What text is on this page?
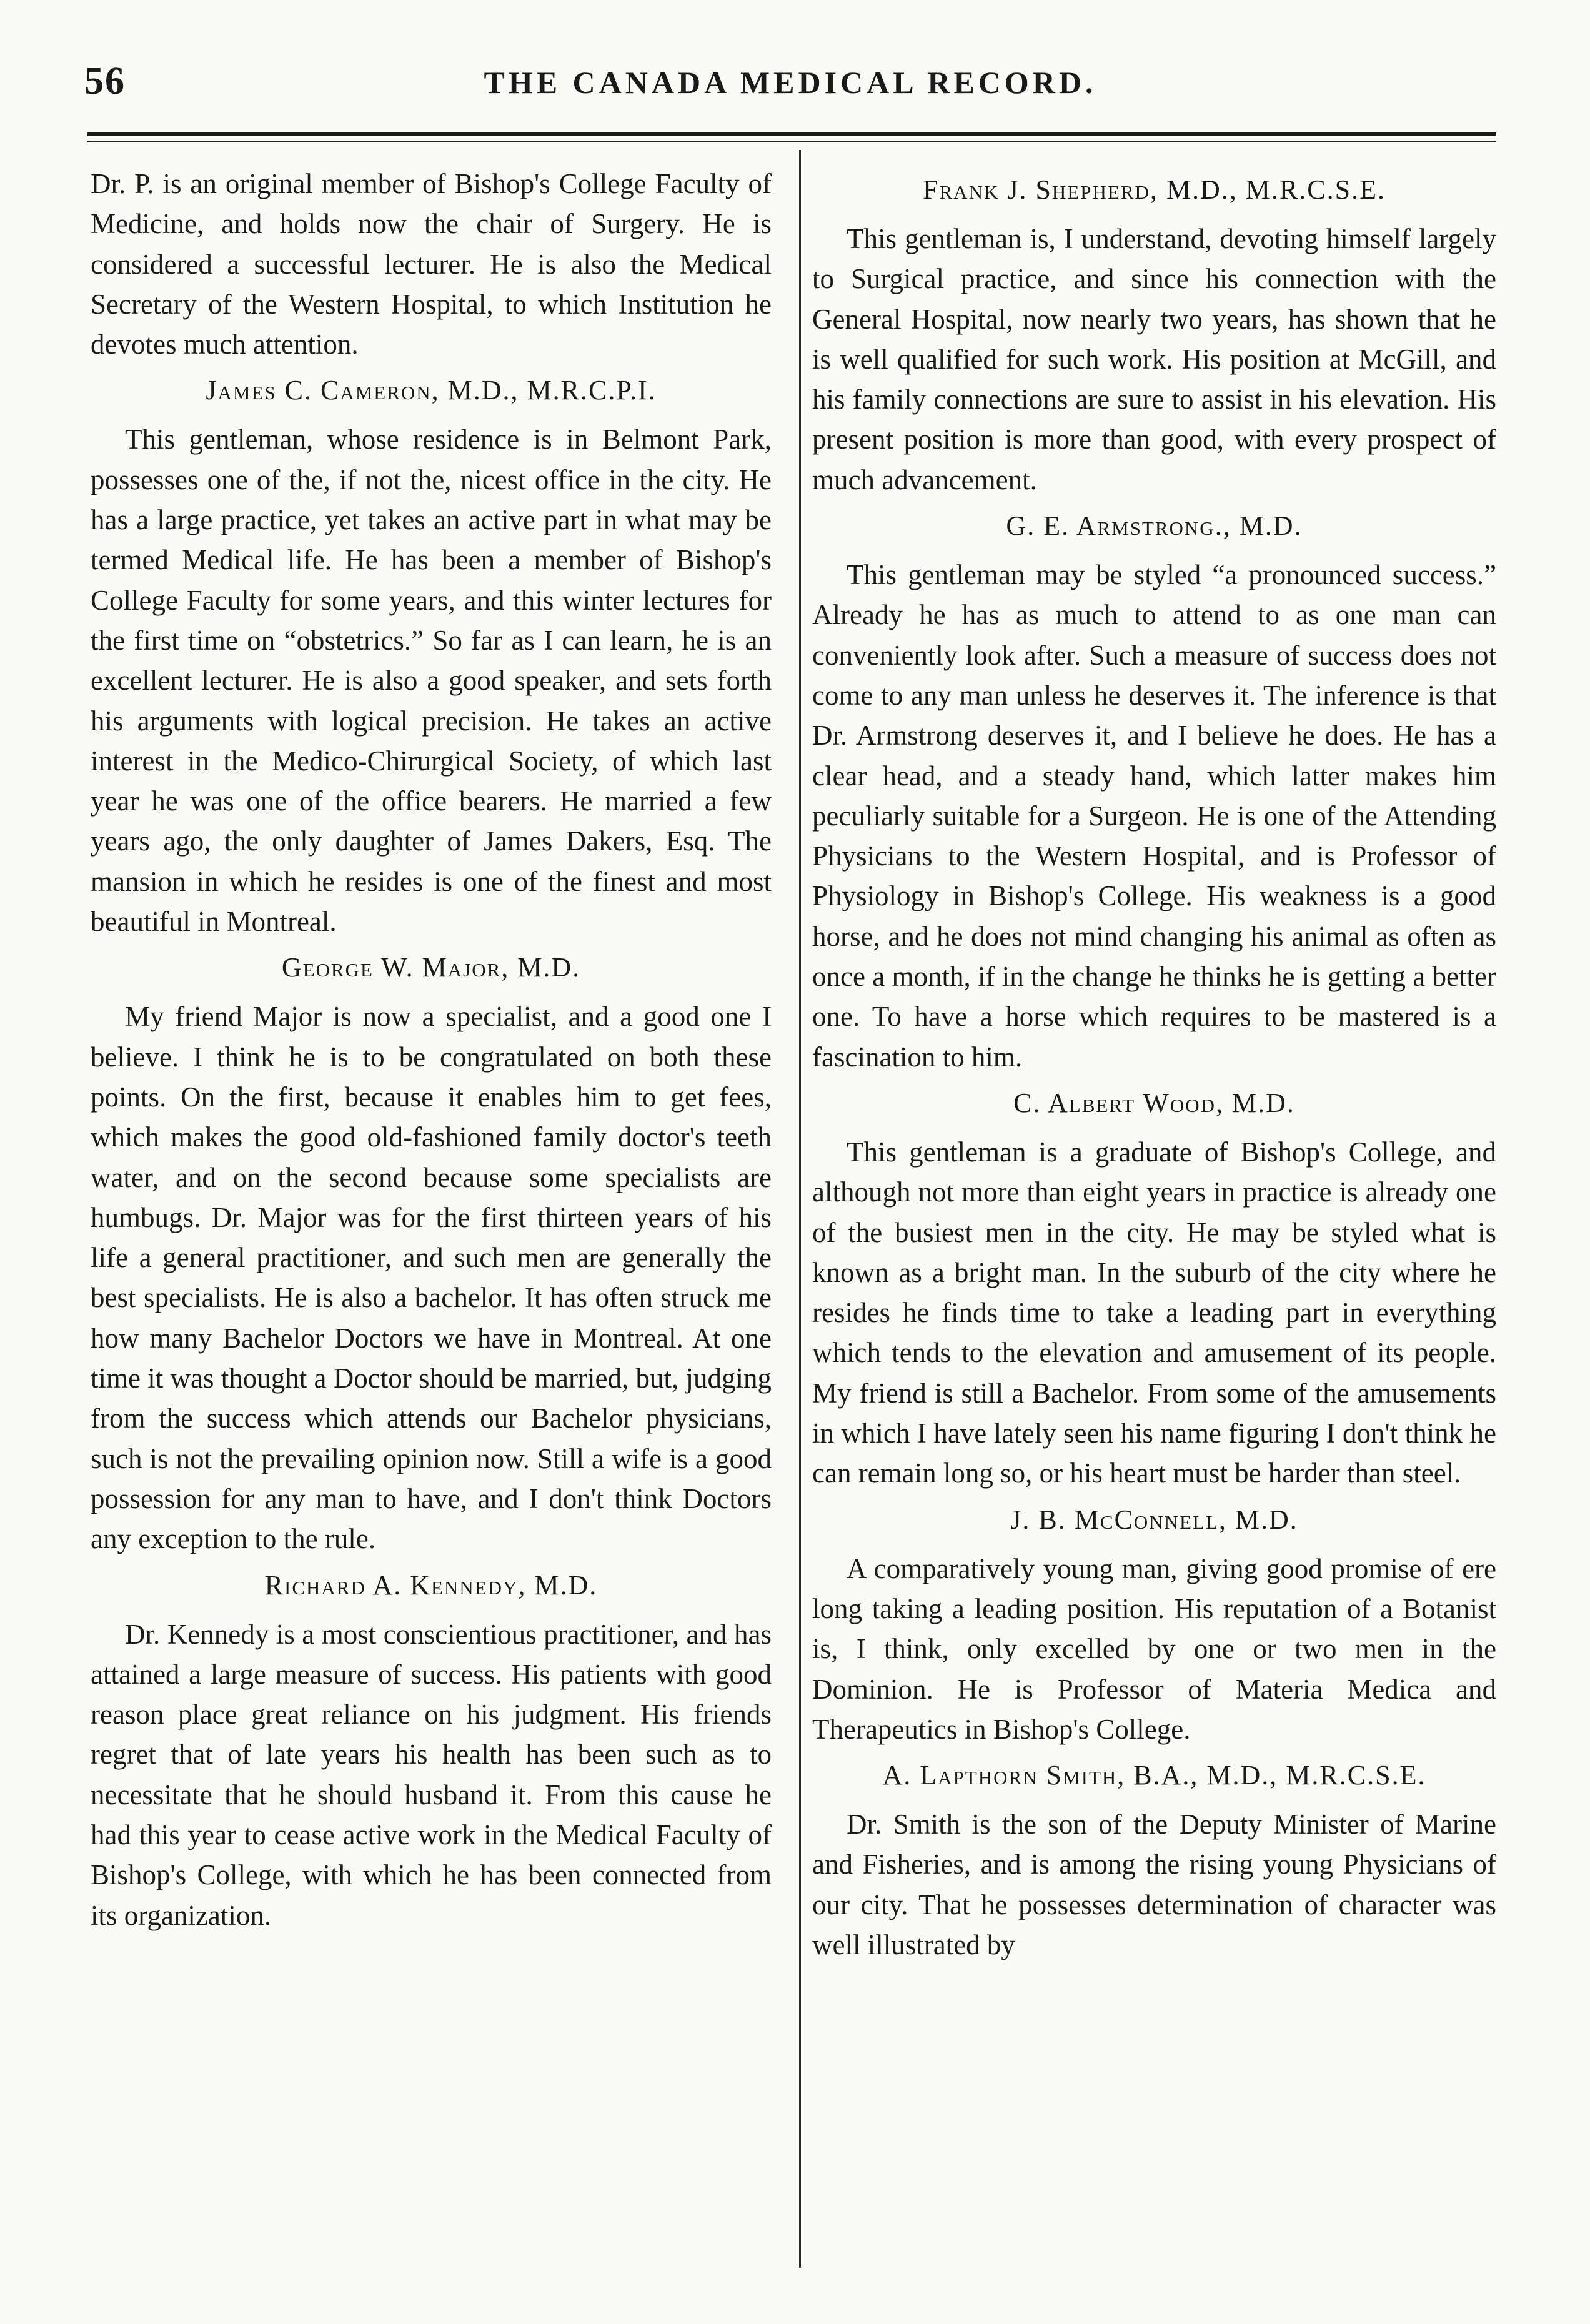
56	THE CANADA MEDICAL RECORD.

Dr. P. is an original member of Bishop's College Faculty of Medicine, and holds now the chair of Surgery. He is considered a successful lecturer. He is also the Medical Secretary of the Western Hospital, to which Institution he devotes much attention.

James C. Cameron, M.D., M.R.C.P.I.

This gentleman, whose residence is in Belmont Park, possesses one of the, if not the, nicest office in the city. He has a large practice, yet takes an active part in what may be termed Medical life. He has been a member of Bishop's College Faculty for some years, and this winter lectures for the first time on “obstetrics.” So far as I can learn, he is an excellent lecturer. He is also a good speaker, and sets forth his arguments with logical precision. He takes an active interest in the Medico-Chirurgical Society, of which last year he was one of the office bearers. He married a few years ago, the only daughter of James Dakers, Esq. The mansion in which he resides is one of the finest and most beautiful in Montreal.

George W. Major, M.D.

My friend Major is now a specialist, and a good one I believe. I think he is to be congratulated on both these points. On the first, because it enables him to get fees, which makes the good old-fashioned family doctor's teeth water, and on the second because some specialists are humbugs. Dr. Major was for the first thirteen years of his life a general practitioner, and such men are generally the best specialists. He is also a bachelor. It has often struck me how many Bachelor Doctors we have in Montreal. At one time it was thought a Doctor should be married, but, judging from the success which attends our Bachelor physicians, such is not the prevailing opinion now. Still a wife is a good possession for any man to have, and I don't think Doctors any exception to the rule.

Richard A. Kennedy, M.D.

Dr. Kennedy is a most conscientious practitioner, and has attained a large measure of success. His patients with good reason place great reliance on his judgment. His friends regret that of late years his health has been such as to necessitate that he should husband it. From this cause he had this year to cease active work in the Medical Faculty of Bishop's College, with which he has been connected from its organization.

Frank J. Shepherd, M.D., M.R.C.S.E.

This gentleman is, I understand, devoting himself largely to Surgical practice, and since his connection with the General Hospital, now nearly two years, has shown that he is well qualified for such work. His position at McGill, and his family connections are sure to assist in his elevation. His present position is more than good, with every prospect of much advancement.

G. E. Armstrong., M.D.

This gentleman may be styled “a pronounced success.” Already he has as much to attend to as one man can conveniently look after. Such a measure of success does not come to any man unless he deserves it. The inference is that Dr. Armstrong deserves it, and I believe he does. He has a clear head, and a steady hand, which latter makes him peculiarly suitable for a Surgeon. He is one of the Attending Physicians to the Western Hospital, and is Professor of Physiology in Bishop's College. His weakness is a good horse, and he does not mind changing his animal as often as once a month, if in the change he thinks he is getting a better one. To have a horse which requires to be mastered is a fascination to him.

C. Albert Wood, M.D.

This gentleman is a graduate of Bishop's College, and although not more than eight years in practice is already one of the busiest men in the city. He may be styled what is known as a bright man. In the suburb of the city where he resides he finds time to take a leading part in everything which tends to the elevation and amusement of its people. My friend is still a Bachelor. From some of the amusements in which I have lately seen his name figuring I don't think he can remain long so, or his heart must be harder than steel.

J. B. McConnell, M.D.

A comparatively young man, giving good promise of ere long taking a leading position. His reputation of a Botanist is, I think, only excelled by one or two men in the Dominion. He is Professor of Materia Medica and Therapeutics in Bishop's College.

A. Lapthorn Smith, B.A., M.D., M.R.C.S.E.

Dr. Smith is the son of the Deputy Minister of Marine and Fisheries, and is among the rising young Physicians of our city. That he possesses determination of character was well illustrated by
